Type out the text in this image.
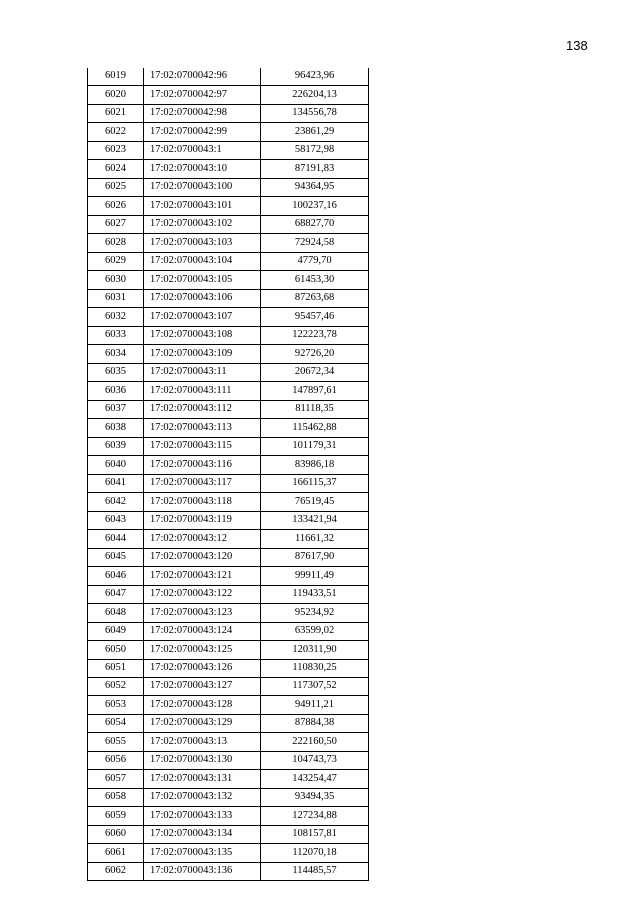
138
6019	17:02:0700042:96	96423,96
6020	17:02:0700042:97	226204,13
6021	17:02:0700042:98	134556,78
6022	17:02:0700042:99	23861,29
6023	17:02:0700043:1	58172,98
6024	17:02:0700043:10	87191,83
6025	17:02:0700043:100	94364,95
6026	17:02:0700043:101	100237,16
6027	17:02:0700043:102	68827,70
6028	17:02:0700043:103	72924,58
6029	17:02:0700043:104	4779,70
6030	17:02:0700043:105	61453,30
6031	17:02:0700043:106	87263,68
6032	17:02:0700043:107	95457,46
6033	17:02:0700043:108	122223,78
6034	17:02:0700043:109	92726,20
6035	17:02:0700043:11	20672,34
6036	17:02:0700043:111	147897,61
6037	17:02:0700043:112	81118,35
6038	17:02:0700043:113	115462,88
6039	17:02:0700043:115	101179,31
6040	17:02:0700043:116	83986,18
6041	17:02:0700043:117	166115,37
6042	17:02:0700043:118	76519,45
6043	17:02:0700043:119	133421,94
6044	17:02:0700043:12	11661,32
6045	17:02:0700043:120	87617,90
6046	17:02:0700043:121	99911,49
6047	17:02:0700043:122	119433,51
6048	17:02:0700043:123	95234,92
6049	17:02:0700043:124	63599,02
6050	17:02:0700043:125	120311,90
6051	17:02:0700043:126	110830,25
6052	17:02:0700043:127	117307,52
6053	17:02:0700043:128	94911,21
6054	17:02:0700043:129	87884,38
6055	17:02:0700043:13	222160,50
6056	17:02:0700043:130	104743,73
6057	17:02:0700043:131	143254,47
6058	17:02:0700043:132	93494,35
6059	17:02:0700043:133	127234,88
6060	17:02:0700043:134	108157,81
6061	17:02:0700043:135	112070,18
6062	17:02:0700043:136	114485,57
